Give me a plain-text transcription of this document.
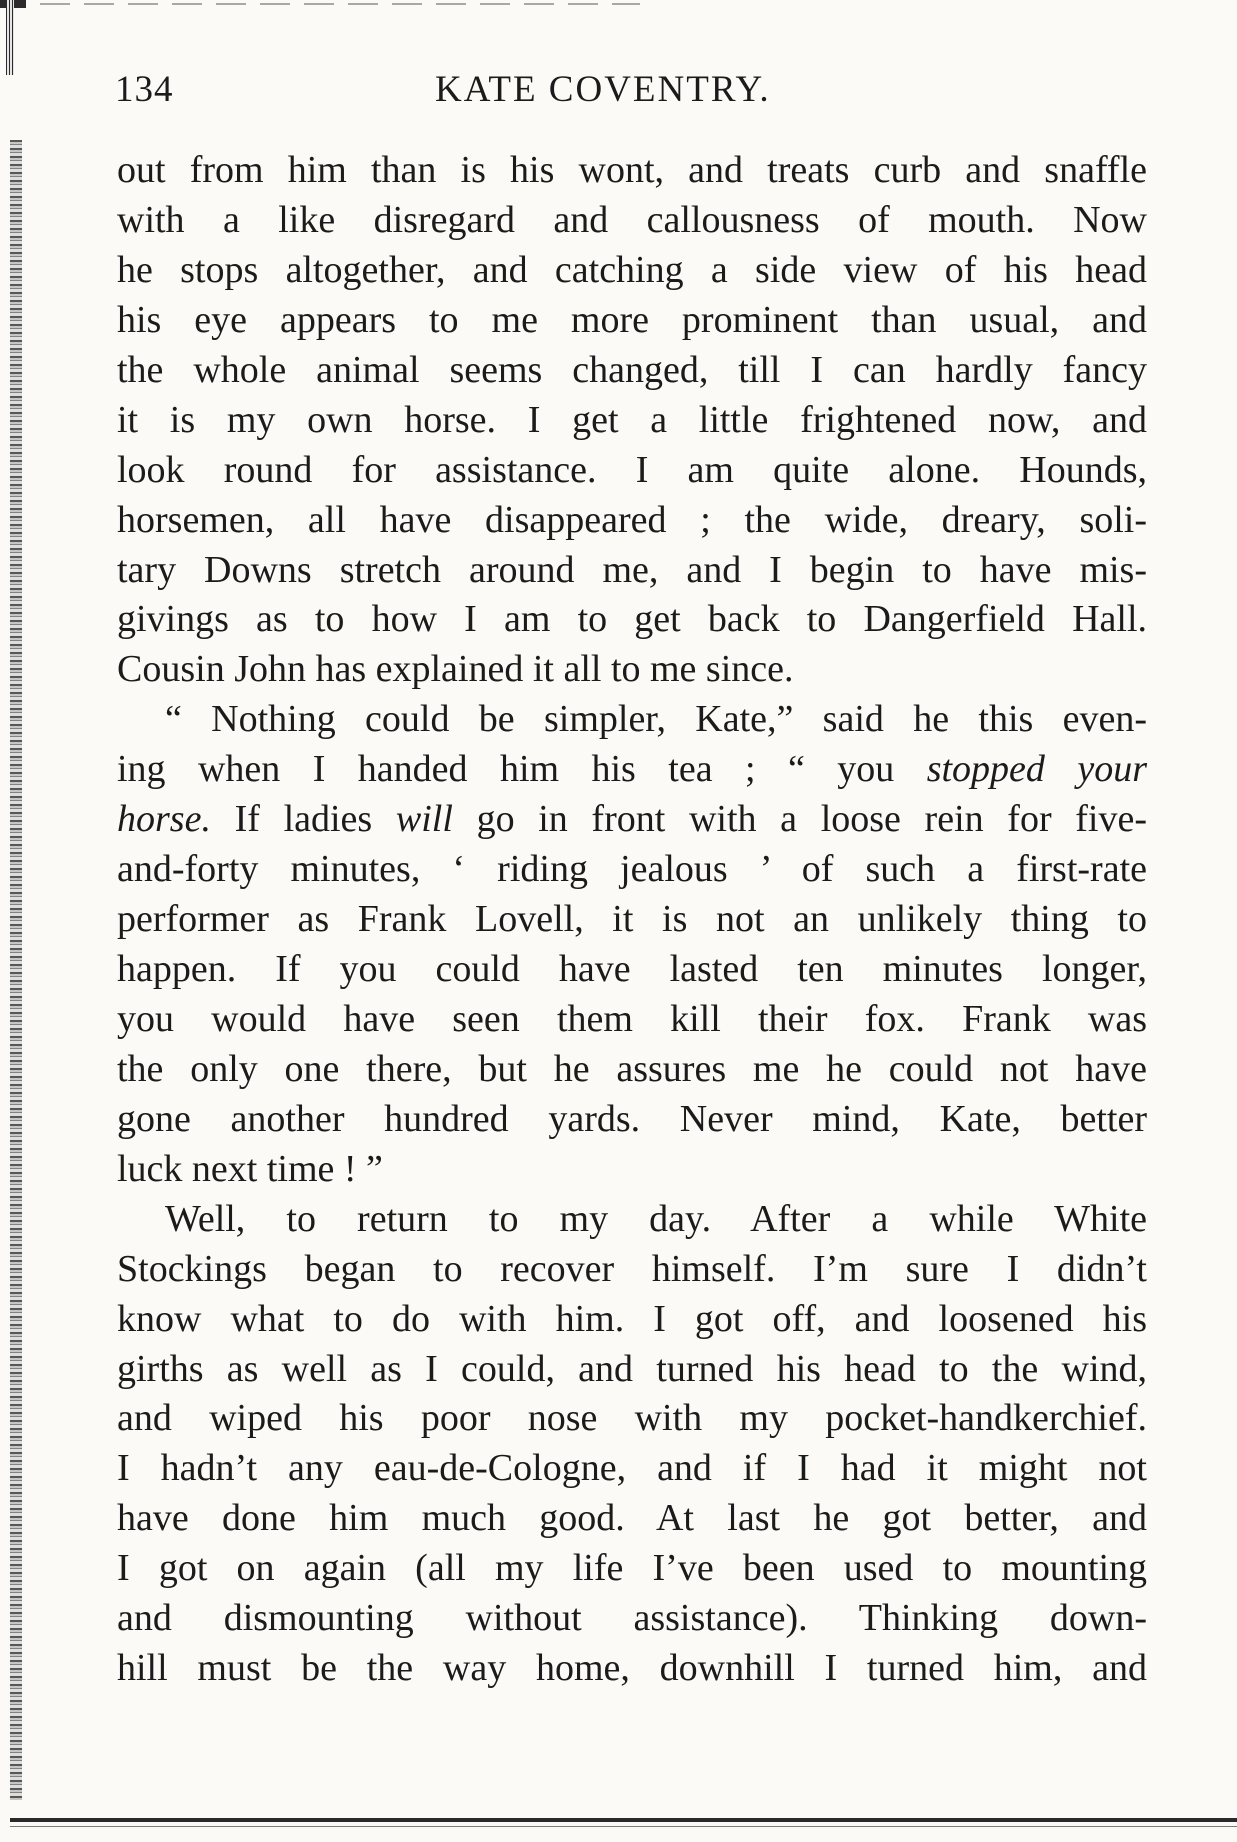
134	KATE COVENTRY.
out from him than is his wont, and treats curb and snaffle
with a like disregard and callousness of mouth. Now
he stops altogether, and catching a side view of his head
his eye appears to me more prominent than usual, and
the whole animal seems changed, till I can hardly fancy
it is my own horse. I get a little frightened now, and
look round for assistance. I am quite alone. Hounds,
horsemen, all have disappeared ; the wide, dreary, soli-
tary Downs stretch around me, and I begin to have mis-
givings as to how I am to get back to Dangerfield Hall.
Cousin John has explained it all to me since.
“ Nothing could be simpler, Kate,” said he this even-
ing when I handed him his tea ; “ you stopped your
horse. If ladies will go in front with a loose rein for five-
and-forty minutes, ‘ riding jealous ’ of such a first-rate
performer as Frank Lovell, it is not an unlikely thing to
happen. If you could have lasted ten minutes longer,
you would have seen them kill their fox. Frank was
the only one there, but he assures me he could not have
gone another hundred yards. Never mind, Kate, better
luck next time ! ”
Well, to return to my day. After a while White
Stockings began to recover himself. I’m sure I didn’t
know what to do with him. I got off, and loosened his
girths as well as I could, and turned his head to the wind,
and wiped his poor nose with my pocket-handkerchief.
I hadn’t any eau-de-Cologne, and if I had it might not
have done him much good. At last he got better, and
I got on again (all my life I’ve been used to mounting
and dismounting without assistance). Thinking down-
hill must be the way home, downhill I turned him, and
